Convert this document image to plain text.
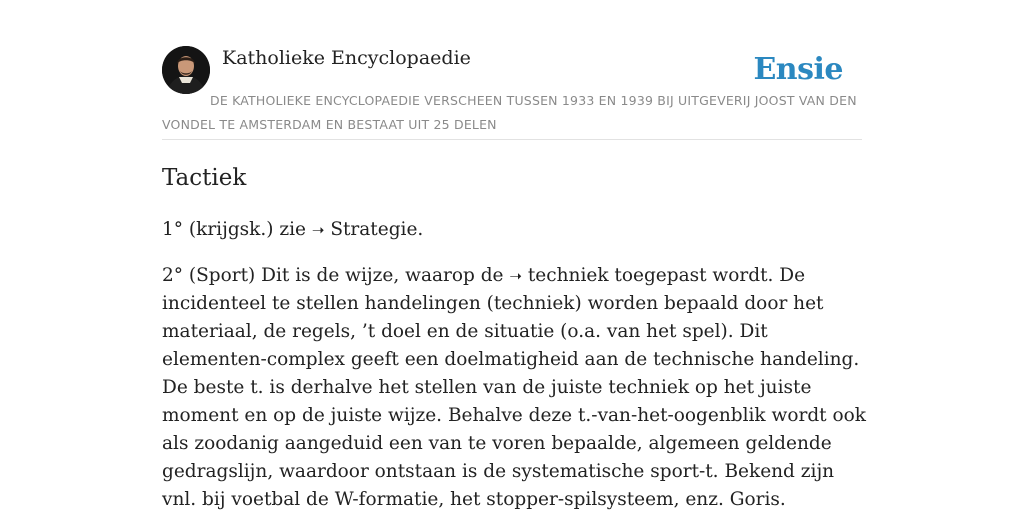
Katholieke Encyclopaedie	Ensie
DE KATHOLIEKE ENCYCLOPAEDIE VERSCHEEN TUSSEN 1933 EN 1939 BIJ UITGEVERIJ JOOST VAN DEN VONDEL TE AMSTERDAM EN BESTAAT UIT 25 DELEN
Tactiek

1° (krijgsk.) zie ➝ Strategie.

2° (Sport) Dit is de wijze, waarop de ➝ techniek toegepast wordt. De incidenteel te stellen handelingen (techniek) worden bepaald door het materiaal, de regels, ’t doel en de situatie (o.a. van het spel). Dit elementen-complex geeft een doelmatigheid aan de technische handeling. De beste t. is derhalve het stellen van de juiste techniek op het juiste moment en op de juiste wijze. Behalve deze t.-van-het-oogenblik wordt ook als zoodanig aangeduid een van te voren bepaalde, algemeen geldende gedragslijn, waardoor ontstaan is de systematische sport-t. Bekend zijn vnl. bij voetbal de W-formatie, het stopper-spilsysteem, enz. Goris.
